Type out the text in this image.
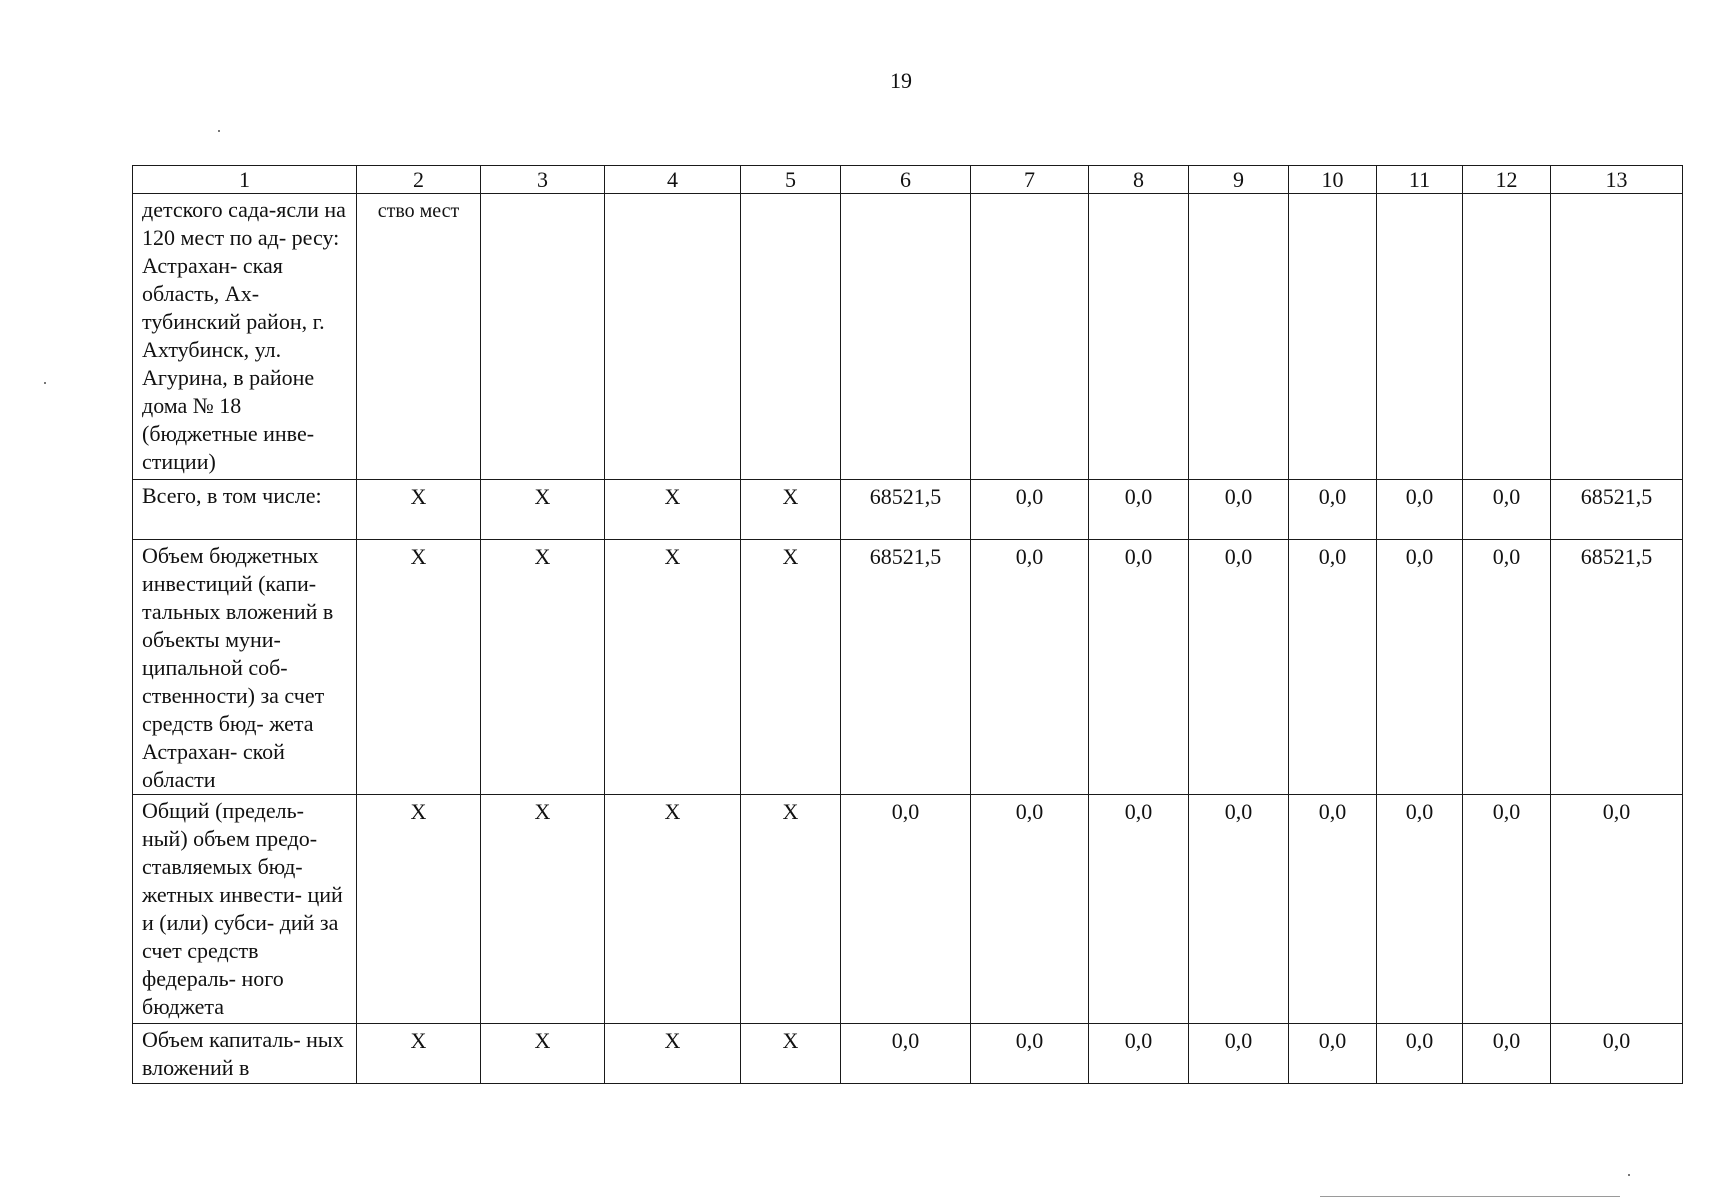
19
1	2	3	4	5	6	7	8	9	10	11	12	13
детского сада-ясли на 120 мест по ад- ресу: Астрахан- ская область, Ах- тубинский район, г. Ахтубинск, ул. Агурина, в районе дома № 18 (бюджетные инве- стиции)	ство мест											
Всего, в том числе:	X	X	X	X	68521,5	0,0	0,0	0,0	0,0	0,0	0,0	68521,5
Объем бюджетных инвестиций (капи- тальных вложений в объекты муни- ципальной соб- ственности) за счет средств бюд- жета Астрахан- ской области	X	X	X	X	68521,5	0,0	0,0	0,0	0,0	0,0	0,0	68521,5
Общий (предель- ный) объем предо- ставляемых бюд- жетных инвести- ций и (или) субси- дий за счет средств федераль- ного бюджета	X	X	X	X	0,0	0,0	0,0	0,0	0,0	0,0	0,0	0,0
Объем капиталь- ных вложений в	X	X	X	X	0,0	0,0	0,0	0,0	0,0	0,0	0,0	0,0
